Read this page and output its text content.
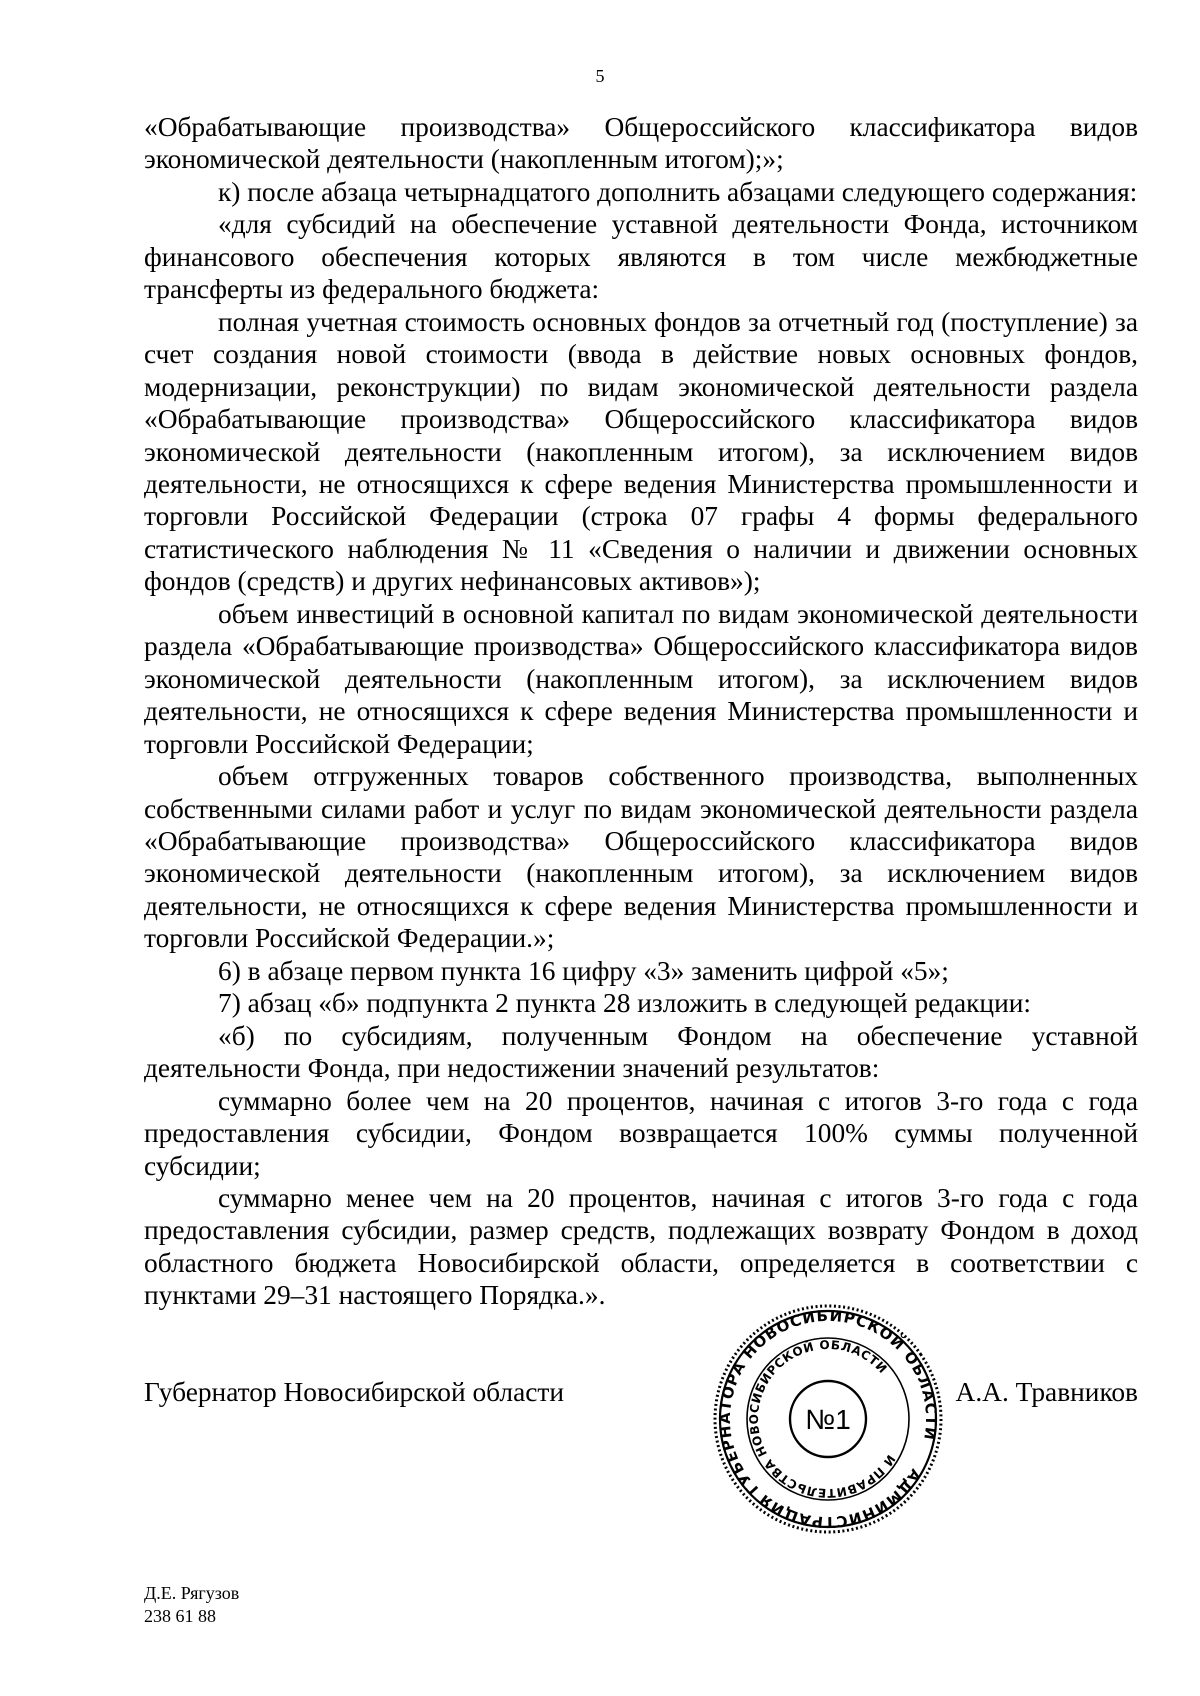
5

«Обрабатывающие производства» Общероссийского классификатора видов экономической деятельности (накопленным итогом);»;

к) после абзаца четырнадцатого дополнить абзацами следующего содержания:

«для субсидий на обеспечение уставной деятельности Фонда, источником финансового обеспечения которых являются в том числе межбюджетные трансферты из федерального бюджета:

полная учетная стоимость основных фондов за отчетный год (поступление) за счет создания новой стоимости (ввода в действие новых основных фондов, модернизации, реконструкции) по видам экономической деятельности раздела «Обрабатывающие производства» Общероссийского классификатора видов экономической деятельности (накопленным итогом), за исключением видов деятельности, не относящихся к сфере ведения Министерства промышленности и торговли Российской Федерации (строка 07 графы 4 формы федерального статистического наблюдения № 11 «Сведения о наличии и движении основных фондов (средств) и других нефинансовых активов»);

объем инвестиций в основной капитал по видам экономической деятельности раздела «Обрабатывающие производства» Общероссийского классификатора видов экономической деятельности (накопленным итогом), за исключением видов деятельности, не относящихся к сфере ведения Министерства промышленности и торговли Российской Федерации;

объем отгруженных товаров собственного производства, выполненных собственными силами работ и услуг по видам экономической деятельности раздела «Обрабатывающие производства» Общероссийского классификатора видов экономической деятельности (накопленным итогом), за исключением видов деятельности, не относящихся к сфере ведения Министерства промышленности и торговли Российской Федерации.»;

6) в абзаце первом пункта 16 цифру «3» заменить цифрой «5»;

7) абзац «б» подпункта 2 пункта 28 изложить в следующей редакции:

«б) по субсидиям, полученным Фондом на обеспечение уставной деятельности Фонда, при недостижении значений результатов:

суммарно более чем на 20 процентов, начиная с итогов 3-го года с года предоставления субсидии, Фондом возвращается 100% суммы полученной субсидии;

суммарно менее чем на 20 процентов, начиная с итогов 3-го года с года предоставления субсидии, размер средств, подлежащих возврату Фондом в доход областного бюджета Новосибирской области, определяется в соответствии с пунктами 29–31 настоящего Порядка.».

Губернатор Новосибирской области	А.А. Травников
АДМИНИСТРАЦИЯ ГУБЕРНАТОРА НОВОСИБИРСКОЙ ОБЛАСТИ
И ПРАВИТЕЛЬСТВА НОВОСИБИРСКОЙ ОБЛАСТИ
№1
Д.Е. Рягузов
238 61 88
